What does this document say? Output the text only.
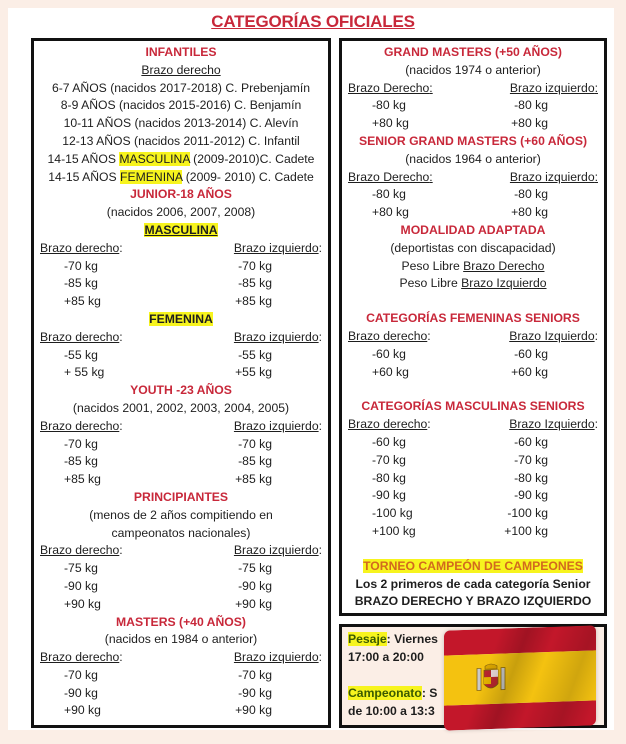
CATEGORÍAS OFICIALES
INFANTILES
Brazo derecho
6-7 AÑOS (nacidos 2017-2018) C. Prebenjamín
8-9 AÑOS (nacidos 2015-2016) C. Benjamín
10-11 AÑOS (nacidos 2013-2014) C. Alevín
12-13 AÑOS (nacidos 2011-2012) C. Infantil
14-15 AÑOS MASCULINA (2009-2010)C. Cadete
14-15 AÑOS FEMENINA (2009- 2010) C. Cadete
JUNIOR-18 AÑOS
(nacidos 2006, 2007, 2008)
MASCULINA
Brazo derecho:	Brazo izquierdo:
-70 kg	-70 kg
-85 kg	-85 kg
+85 kg	+85 kg
FEMENINA
Brazo derecho:	Brazo izquierdo:
-55 kg	-55 kg
+ 55 kg	+55 kg
YOUTH -23 AÑOS
(nacidos 2001, 2002, 2003, 2004, 2005)
Brazo derecho:	Brazo izquierdo:
-70 kg	-70 kg
-85 kg	-85 kg
+85 kg	+85 kg
PRINCIPIANTES
(menos de 2 años compitiendo en
campeonatos nacionales)
Brazo derecho:	Brazo izquierdo:
-75 kg	-75 kg
-90 kg	-90 kg
+90 kg	+90 kg
MASTERS (+40 AÑOS)
(nacidos en 1984 o anterior)
Brazo derecho:	Brazo izquierdo:
-70 kg	-70 kg
-90 kg	-90 kg
+90 kg	+90 kg
GRAND MASTERS (+50 AÑOS)
(nacidos 1974 o anterior)
Brazo Derecho:	Brazo izquierdo:
-80 kg	-80 kg
+80 kg	+80 kg
SENIOR GRAND MASTERS (+60 AÑOS)
(nacidos 1964 o anterior)
Brazo Derecho:	Brazo izquierdo:
-80 kg	-80 kg
+80 kg	+80 kg
MODALIDAD ADAPTADA
(deportistas con discapacidad)
Peso Libre Brazo Derecho
Peso Libre Brazo Izquierdo
CATEGORÍAS FEMENINAS SENIORS
Brazo derecho:	Brazo Izquierdo:
-60 kg	-60 kg
+60 kg	+60 kg
CATEGORÍAS MASCULINAS SENIORS
Brazo derecho:	Brazo Izquierdo:
-60 kg	-60 kg
-70 kg	-70 kg
-80 kg	-80 kg
-90 kg	-90 kg
-100 kg	-100 kg
+100 kg	+100 kg
TORNEO CAMPEÓN DE CAMPEONES
Los 2 primeros de cada categoría Senior
BRAZO DERECHO Y BRAZO IZQUIERDO
Pesaje: Viernes
17:00 a 20:00
Campeonato: S
de 10:00 a 13:3
